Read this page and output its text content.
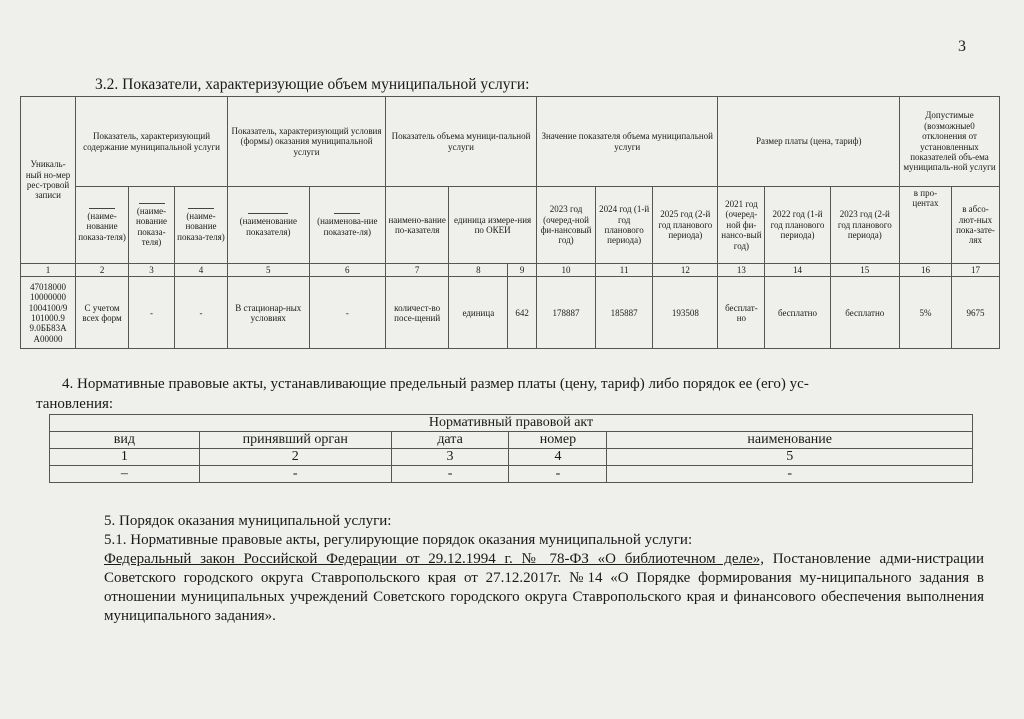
3
3.2. Показатели, характеризующие объем муниципальной услуги:
Уникаль-ный но-мер рес-тровой записи	Показатель, характеризующий содержание муниципальной услуги			Показатель, характеризующий условия (формы) оказания муниципальной услуги		Показатель объема муници-пальной услуги			Значение показателя объема муниципальной услуги			Размер платы (цена, тариф)			Допустимые (возможные0 отклонения от установленных показателей объ-ема муниципаль-ной услуги	

(наиме-нование показа-теля)	(наиме-нование показа-теля)	(наиме-нование показа-теля)	(наименование показателя)	(наименова-ние показате-ля)	наимено-вание по-казателя	единица измере-ния по ОКЕИ		2023 год (очеред-ной фи-нансовый год)	2024 год (1-й год планового периода)	2025 год (2-й год планового периода)	2021 год (очеред-ной фи-нансо-вый год)	2022 год (1-й год планового периода)	2023 год (2-й год планового периода)	в про-центах	в абсо-лют-ных пока-зате-лях
1	2	3	4	5	6	7	8	9	10	11	12	13	14	15	16	17
47018000 10000000 1004100/9 101000.9 9.0ББ83А А00000	С учетом всех форм	-	-	В стационар-ных условиях	-	количест-во посе-щений	единица	642	178887	185887	193508	бесплат-но	бесплатно	бесплатно	5%	9675
4. Нормативные правовые акты, устанавливающие предельный размер платы (цену, тариф) либо порядок ее (его) ус-
тановления:
Нормативный правовой акт				
вид	принявший орган	дата	номер	наименование
1	2	3	4	5
–	-	-	-	-

5. Порядок оказания муниципальной услуги:

5.1. Нормативные правовые акты, регулирующие порядок оказания муниципальной услуги:

Федеральный закон Российской Федерации от 29.12.1994 г. № 78-ФЗ «О библиотечном деле», Постановление адми-нистрации Советского городского округа Ставропольского края от 27.12.2017г. №14 «О Порядке формирования му-ниципального задания в отношении муниципальных учреждений Советского городского округа Ставропольского края и финансового обеспечения выполнения муниципального задания».
